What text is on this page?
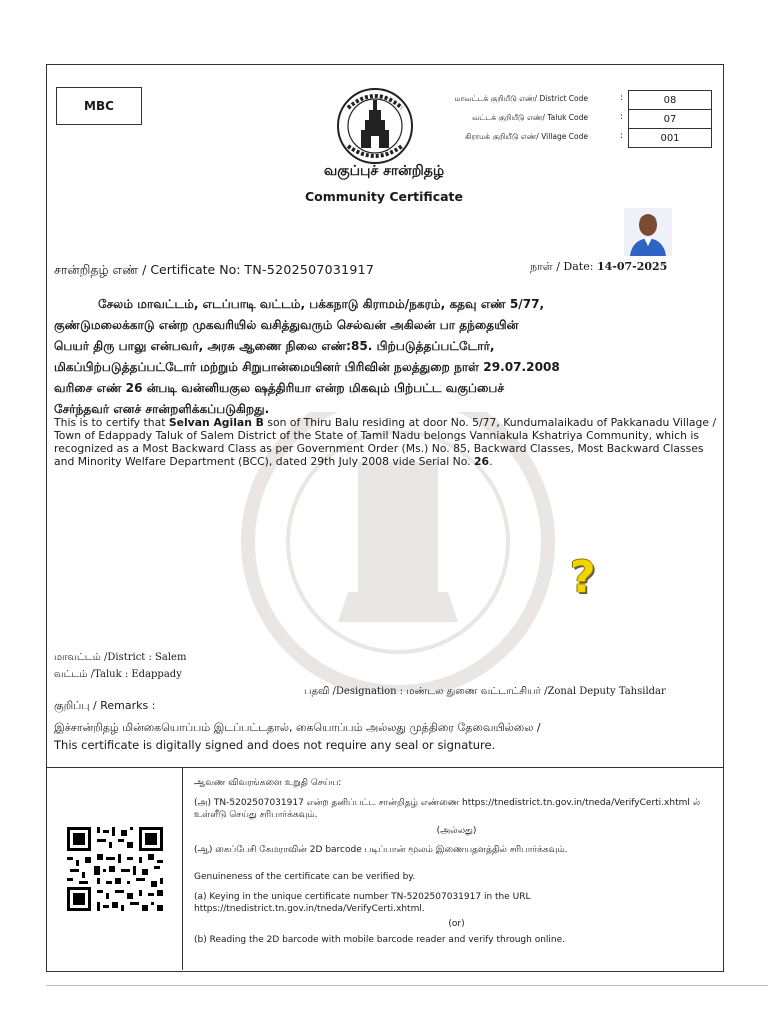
MBC
மாவட்டக் குறியீடு எண்/ District Code	:	08
வட்டக் குறியீடு எண்/ Taluk Code	:	07
கிராமக் குறியீடு எண்/ Village Code	:	001
வகுப்புச் சான்றிதழ்
Community Certificate
சான்றிதழ் எண் / Certificate No: TN-5202507031917	நாள் / Date: 14-07-2025
சேலம் மாவட்டம், எடப்பாடி வட்டம், பக்கநாடு கிராமம்/நகரம், கதவு எண் 5/77,
குண்டுமலைக்காடு என்ற முகவரியில் வசித்துவரும் செல்வன் அகிலன் பா தந்தையின்
பெயர் திரு பாலு என்பவர், அரசு ஆணை நிலை எண்:85. பிற்படுத்தப்பட்டோர்,
மிகப்பிற்படுத்தப்பட்டோர் மற்றும் சிறுபான்மையினர் பிரிவின் நலத்துறை நாள் 29.07.2008
வரிசை எண் 26 ன்படி வன்னியகுல ஷத்திரியா என்ற மிகவும் பிற்பட்ட வகுப்பைச்
சேர்ந்தவர் எனச் சான்றளிக்கப்படுகிறது.
This is to certify that Selvan Agilan B son of Thiru Balu residing at door No. 5/77, Kundumalaikadu of Pakkanadu Village / Town of Edappady Taluk of Salem District of the State of Tamil Nadu belongs Vanniakula Kshatriya Community, which is recognized as a Most Backward Class as per Government Order (Ms.) No. 85, Backward Classes, Most Backward Classes and Minority Welfare Department (BCC), dated 29th July 2008 vide Serial No. 26.
?
மாவட்டம் /District : Salem
வட்டம் /Taluk : Edappady
பதவி /Designation : மண்டல துணை வட்டாட்சியர் /Zonal Deputy Tahsildar
குறிப்பு / Remarks :
இச்சான்றிதழ் மின்கையொப்பம் இடப்பட்டதால், கையொப்பம் அல்லது முத்திரை தேவையில்லை /
This certificate is digitally signed and does not require any seal or signature.
ஆவண விவரங்களை உறுதி செய்ய:
(அ) TN-5202507031917 என்ற தனிப்பட்ட சான்றிதழ் எண்ணை https://tnedistrict.tn.gov.in/tneda/VerifyCerti.xhtml ல் உள்ளீடு செய்து சரிபார்க்கவும்.
(அல்லது)
(ஆ) கைப்பேசி கேமராவின் 2D barcode படிப்பான் மூலம் இணையதளத்தில் சரிபார்க்கவும்.
Genuineness of the certificate can be verified by.
(a) Keying in the unique certificate number TN-5202507031917 in the URL https://tnedistrict.tn.gov.in/tneda/VerifyCerti.xhtml.
(or)
(b) Reading the 2D barcode with mobile barcode reader and verify through online.
